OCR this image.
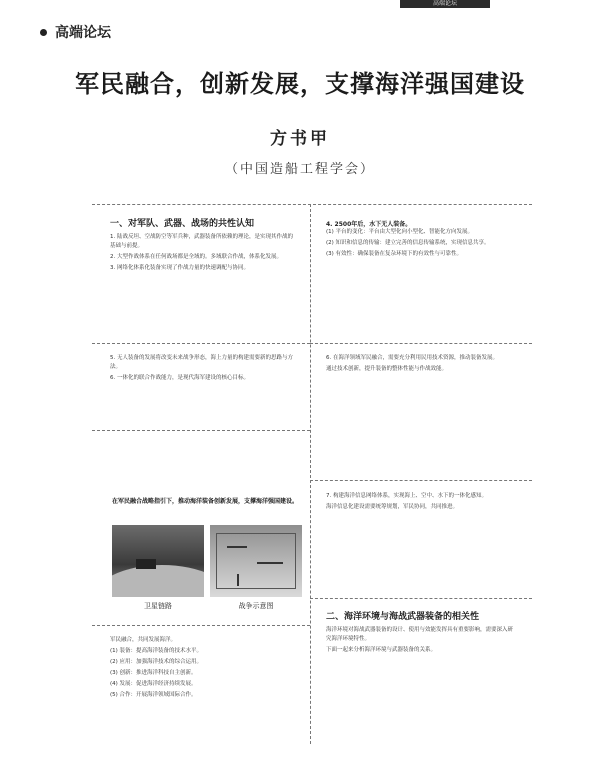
高端论坛
高端论坛
军民融合，创新发展，支撑海洋强国建设
方书甲
（中国造船工程学会）
一、对军队、武器、战场的共性认知

1. 陆战反坦、空战防空等军兵种，武器装备所依赖的理论，是实现其作战的基础与前提。

2. 大型作战体系在任何战场都是全域的。多域联合作战，体系化发展。

3. 网络化体系化装备实现了作战力量的快速调配与协同。

4. 2500年后，水下无人装备。

(1) 平台的变化：平台由大型化向小型化、智能化方向发展。

(2) 知识和信息的传输：建立完善的信息传输系统，实现信息共享。

(3) 有效性：确保装备在复杂环境下的有效性与可靠性。

5. 无人装备的发展将改变未来战争形态，海上力量的构建需要新的思路与方法。

6. 一体化的联合作战能力，是现代海军建设的核心目标。

6. 在海洋领域军民融合，需要充分利用民用技术资源，推动装备发展。

通过技术创新，提升装备的整体性能与作战效能。

在军民融合战略指引下，推动海洋装备创新发展，支撑海洋强国建设。
卫星链路	战争示意图

7. 构建海洋信息网络体系，实现海上、空中、水下的一体化感知。

海洋信息化建设需要统筹规划，军民协同，共同推进。

二、海洋环境与海战武器装备的相关性

海洋环境对海战武器装备的设计、使用与效能发挥具有重要影响，需要深入研究海洋环境特性。

下面一起来分析海洋环境与武器装备的关系。

军民融合，共同发展海洋。

(1) 装备：提高海洋装备的技术水平。

(2) 应用：加强海洋技术的综合运用。

(3) 创新：推进海洋科技自主创新。

(4) 发展：促进海洋经济持续发展。

(5) 合作：开展海洋领域国际合作。
